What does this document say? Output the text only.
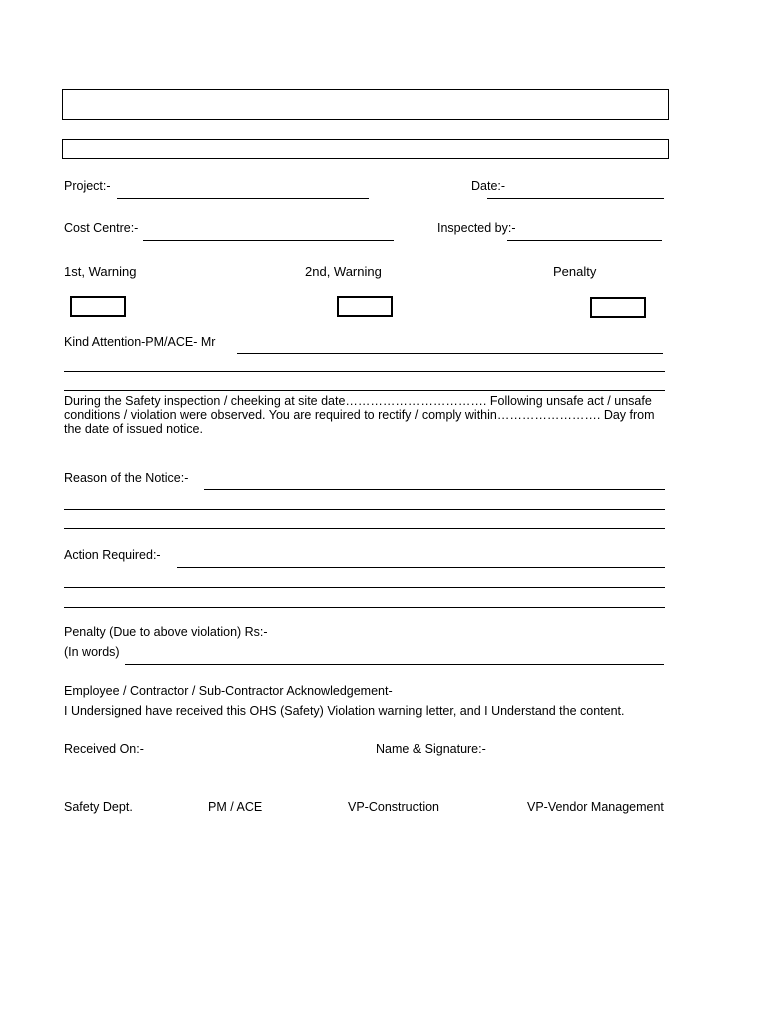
Project:-	Date:-
Cost Centre:-	Inspected by:-
1st, Warning	2nd, Warning	Penalty
Kind Attention-PM/ACE- Mr
During the Safety inspection / cheeking at site date……………………………. Following unsafe act / unsafe
conditions / violation were observed. You are required to rectify / comply within……………………. Day from
the date of issued notice.
Reason of the Notice:-
Action Required:-
Penalty (Due to above violation) Rs:-
(In words)
Employee / Contractor / Sub-Contractor Acknowledgement-
I Undersigned have received this OHS (Safety) Violation warning letter, and I Understand the content.
Received On:-	Name & Signature:-
Safety Dept.	PM / ACE	VP-Construction	VP-Vendor Management
